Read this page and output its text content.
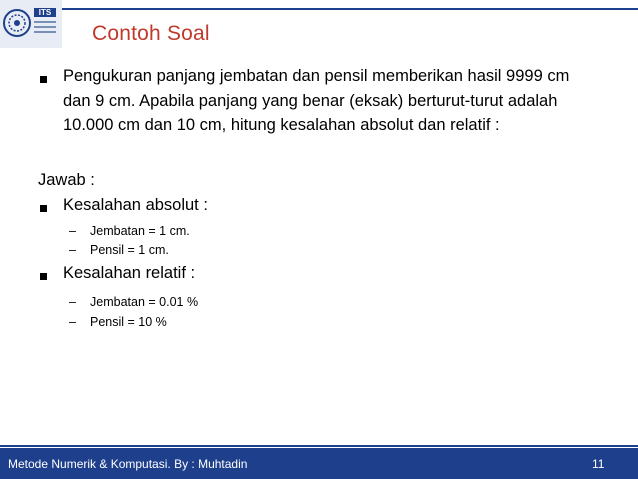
ITS
Contoh Soal
Pengukuran panjang jembatan dan pensil memberikan hasil 9999 cm
dan 9 cm. Apabila panjang yang benar (eksak) berturut-turut adalah
10.000 cm dan 10 cm, hitung kesalahan absolut dan relatif :
Jawab :
Kesalahan absolut :
– Jembatan = 1 cm.
– Pensil = 1 cm.
Kesalahan relatif :
– Jembatan = 0.01 %
– Pensil = 10 %
Metode Numerik & Komputasi. By : Muhtadin	11
